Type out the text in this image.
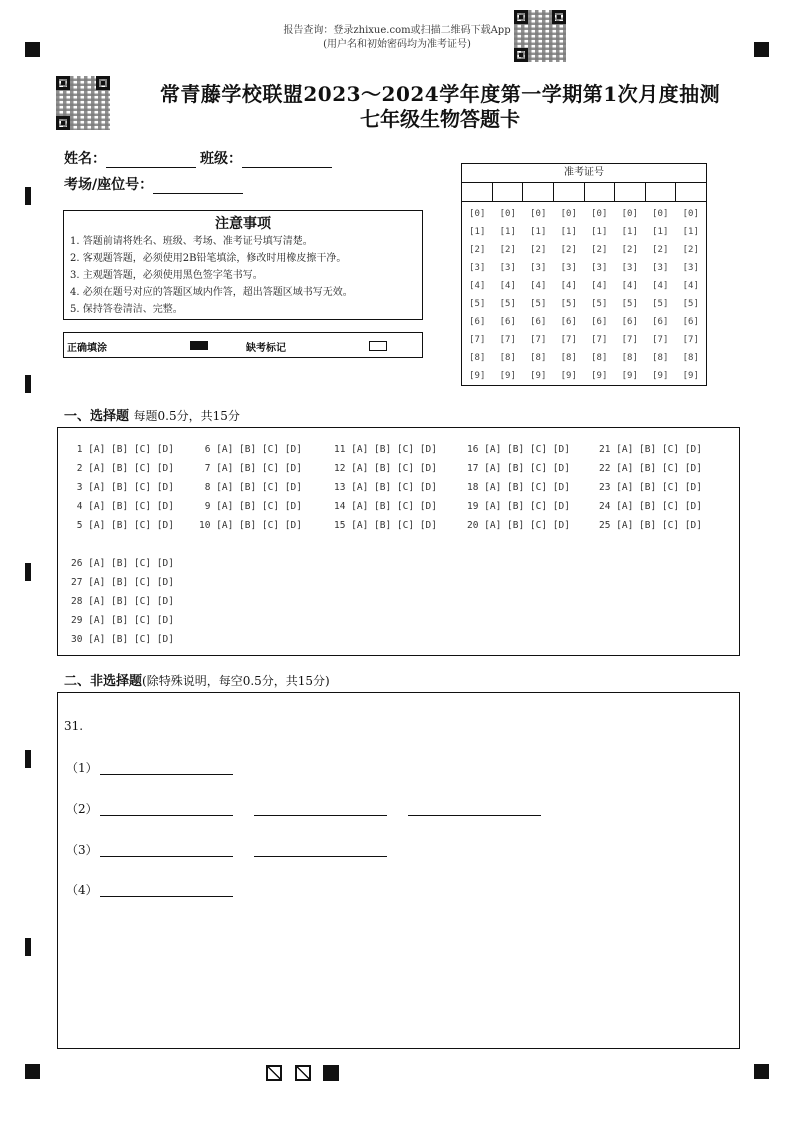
报告查询：登录zhixue.com或扫描二维码下载App
(用户名和初始密码均为准考证号)
常青藤学校联盟2023～2024学年度第一学期第1次月度抽测
七年级生物答题卡
姓名：	班级：
考场/座位号：
注意事项
1. 答题前请将姓名、班级、考场、准考证号填写清楚。
2. 客观题答题，必须使用2B铅笔填涂，修改时用橡皮擦干净。
3. 主观题答题，必须使用黑色签字笔书写。
4. 必须在题号对应的答题区域内作答，超出答题区域书写无效。
5. 保持答卷清洁、完整。
正确填涂	缺考标记
准考证号
[0]
[1]
[2]
[3]
[4]
[5]
[6]
[7]
[8]
[9]
[0]
[1]
[2]
[3]
[4]
[5]
[6]
[7]
[8]
[9]
[0]
[1]
[2]
[3]
[4]
[5]
[6]
[7]
[8]
[9]
[0]
[1]
[2]
[3]
[4]
[5]
[6]
[7]
[8]
[9]
[0]
[1]
[2]
[3]
[4]
[5]
[6]
[7]
[8]
[9]
[0]
[1]
[2]
[3]
[4]
[5]
[6]
[7]
[8]
[9]
[0]
[1]
[2]
[3]
[4]
[5]
[6]
[7]
[8]
[9]
[0]
[1]
[2]
[3]
[4]
[5]
[6]
[7]
[8]
[9]
一、选择题 每题0.5分，共15分
1 [A] [B] [C] [D]
2 [A] [B] [C] [D]
3 [A] [B] [C] [D]
4 [A] [B] [C] [D]
5 [A] [B] [C] [D]
6 [A] [B] [C] [D]
7 [A] [B] [C] [D]
8 [A] [B] [C] [D]
9 [A] [B] [C] [D]
10 [A] [B] [C] [D]
11 [A] [B] [C] [D]
12 [A] [B] [C] [D]
13 [A] [B] [C] [D]
14 [A] [B] [C] [D]
15 [A] [B] [C] [D]
16 [A] [B] [C] [D]
17 [A] [B] [C] [D]
18 [A] [B] [C] [D]
19 [A] [B] [C] [D]
20 [A] [B] [C] [D]
21 [A] [B] [C] [D]
22 [A] [B] [C] [D]
23 [A] [B] [C] [D]
24 [A] [B] [C] [D]
25 [A] [B] [C] [D]
26 [A] [B] [C] [D]
27 [A] [B] [C] [D]
28 [A] [B] [C] [D]
29 [A] [B] [C] [D]
30 [A] [B] [C] [D]
二、非选择题(除特殊说明，每空0.5分，共15分)
31.
（1）
（2）
（3）
（4）
